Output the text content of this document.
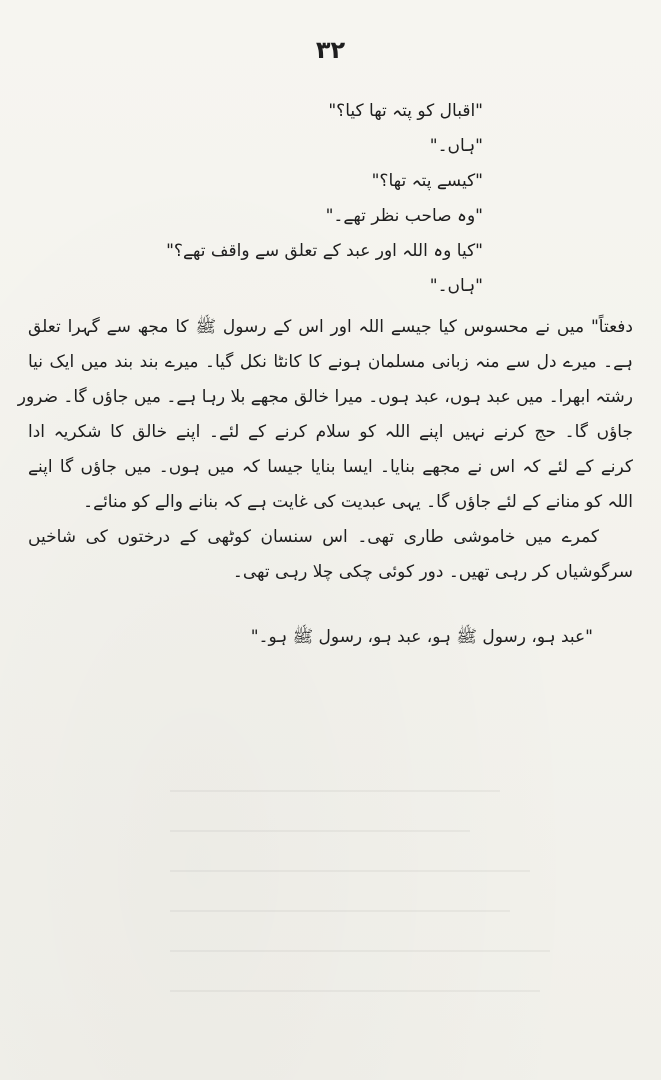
۳۲
"اقبال کو پتہ تھا کیا؟"
"ہاں۔"
"کیسے پتہ تھا؟"
"وہ صاحب نظر تھے۔"
"کیا وہ اللہ اور عبد کے تعلق سے واقف تھے؟"
"ہاں۔"
دفعتاً" میں نے محسوس کیا جیسے اللہ اور اس کے رسول ﷺ کا مجھ سے گہرا تعلق
ہے۔ میرے دل سے منہ زبانی مسلمان ہونے کا کانٹا نکل گیا۔ میرے بند بند میں ایک نیا
رشتہ ابھرا۔ میں عبد ہوں، عبد ہوں۔ میرا خالق مجھے بلا رہا ہے۔ میں جاؤں گا۔ ضرور
جاؤں گا۔ حج کرنے نہیں اپنے اللہ کو سلام کرنے کے لئے۔ اپنے خالق کا شکریہ ادا
کرنے کے لئے کہ اس نے مجھے بنایا۔ ایسا بنایا جیسا کہ میں ہوں۔ میں جاؤں گا اپنے
اللہ کو منانے کے لئے جاؤں گا۔ یہی عبدیت کی غایت ہے کہ بنانے والے کو منائے۔
کمرے میں خاموشی طاری تھی۔ اس سنسان کوٹھی کے درختوں کی شاخیں
سرگوشیاں کر رہی تھیں۔ دور کوئی چکی چلا رہی تھی۔
"عبد ہو، رسول ﷺ ہو، عبد ہو، رسول ﷺ ہو۔"
